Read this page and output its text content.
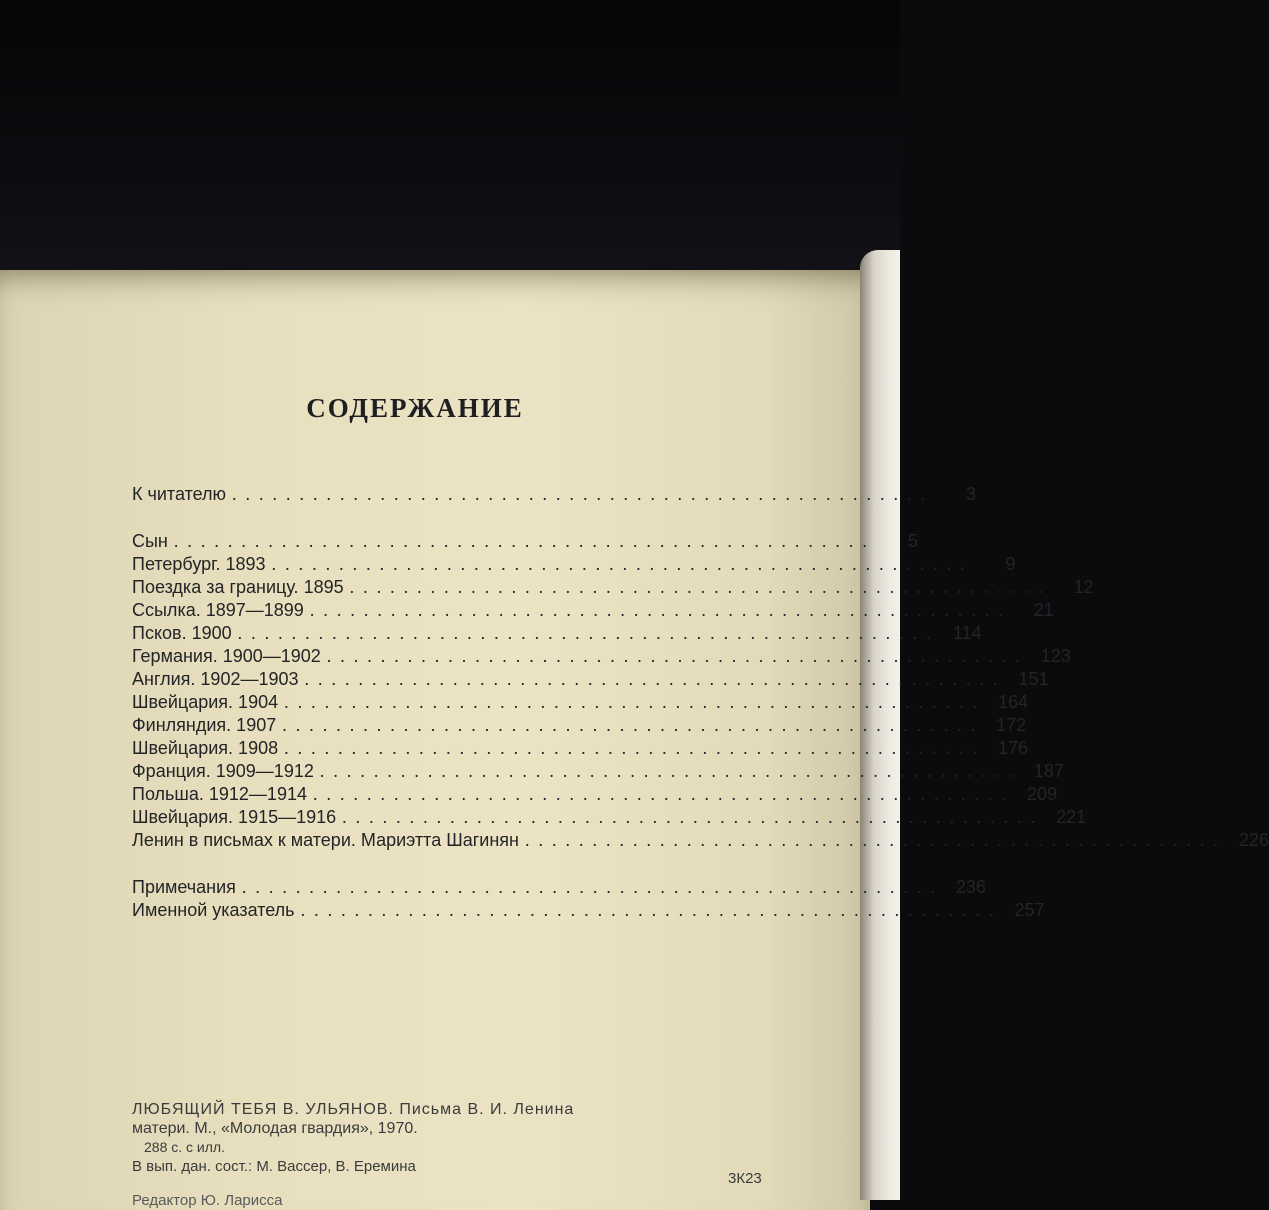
СОДЕРЖАНИЕ
К читателю ....................................................	3
Сын ....................................................	5
Петербург. 1893 ....................................................	9
Поездка за границу. 1895 ....................................................	12
Ссылка. 1897—1899 ....................................................	21
Псков. 1900 .................................................... 114
Германия. 1900—1902 .................................................... 123
Англия. 1902—1903 .................................................... 151
Швейцария. 1904 .................................................... 164
Финляндия. 1907 .................................................... 172
Швейцария. 1908 .................................................... 176
Франция. 1909—1912 .................................................... 187
Польша. 1912—1914 .................................................... 209
Швейцария. 1915—1916 .................................................... 221
Ленин в письмах к матери. Мариэтта Шагинян .................................................... 226
Примечания .................................................... 236
Именной указатель .................................................... 257
ЛЮБЯЩИЙ ТЕБЯ В. УЛЬЯНОВ. Письма В. И. Ленина
матери. М., «Молодая гвардия», 1970.
288 с. с илл.
В вып. дан. сост.: М. Вассер, В. Еремина
3К23
Редактор Ю. Ларисса
